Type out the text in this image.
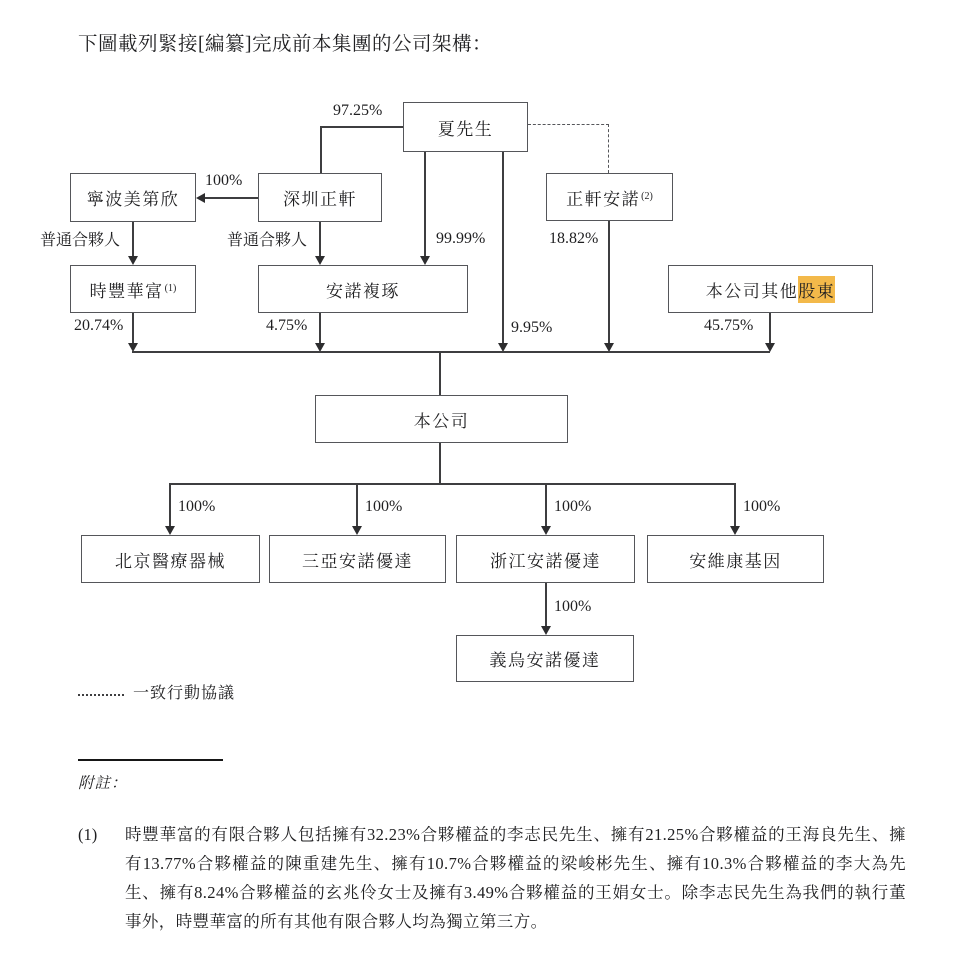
下圖載列緊接[編纂]完成前本集團的公司架構：
97.25%
100%
普通合夥人	普通合夥人	99.99%	18.82%
20.74%	4.75%	9.95%	45.75%
100%	100%	100%	100%
100%
夏先生
寧波美第欣	深圳正軒	正軒安諾 (2)
時豐華富 (1)	安諾複琢	本公司其他 股東
本公司
北京醫療器械	三亞安諾優達	浙江安諾優達	安維康基因
義烏安諾優達
一致行動協議
附註：
(1)	時豐華富的有限合夥人包括擁有32.23%合夥權益的李志民先生、擁有21.25%合夥權益的王海良先生、擁有13.77%合夥權益的陳重建先生、擁有10.7%合夥權益的梁峻彬先生、擁有10.3%合夥權益的李大為先生、擁有8.24%合夥權益的玄兆伶女士及擁有3.49%合夥權益的王娟女士。除李志民先生為我們的執行董事外，時豐華富的所有其他有限合夥人均為獨立第三方。
